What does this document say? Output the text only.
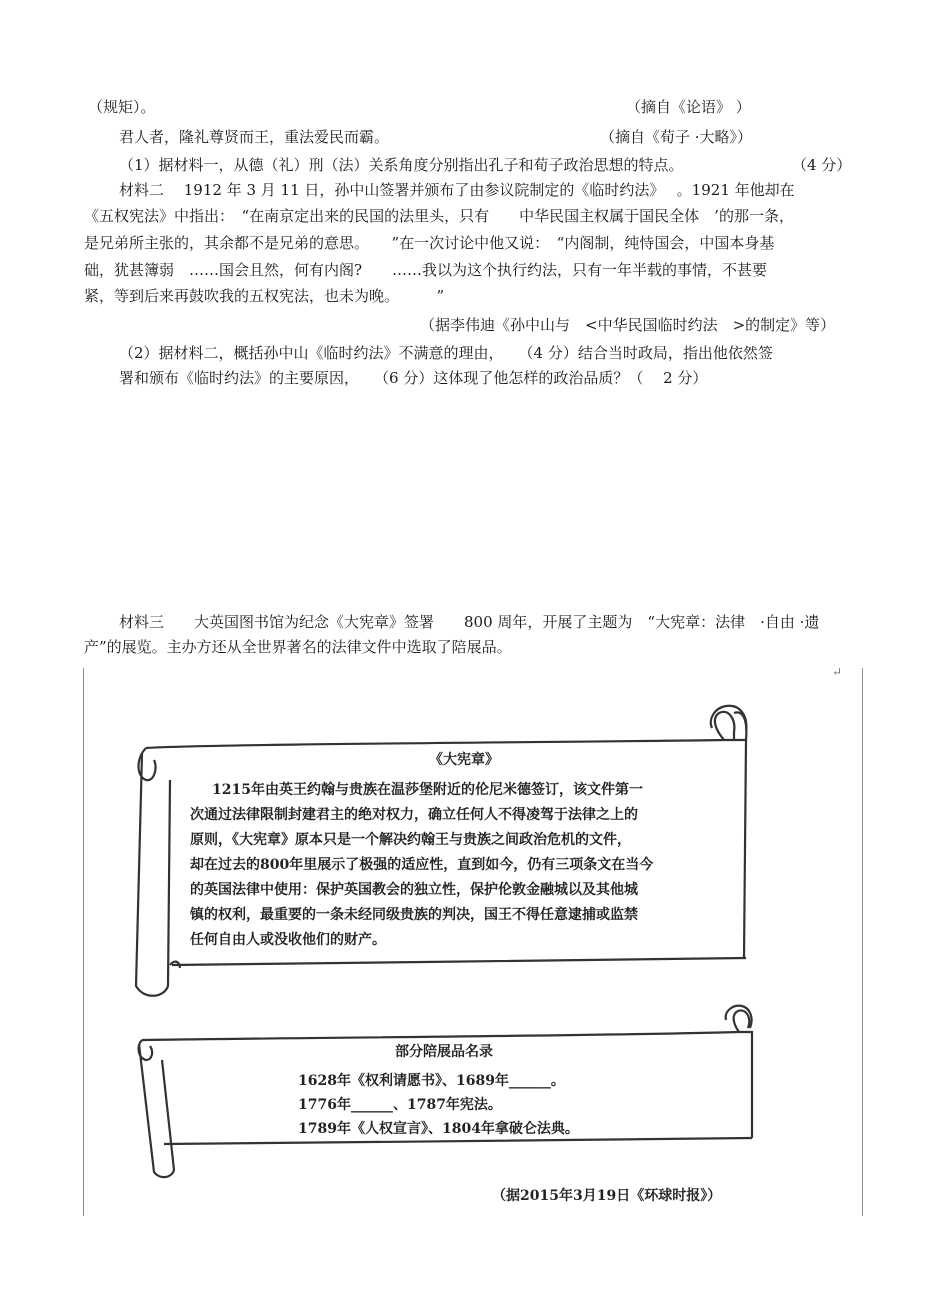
（规矩）。	（摘自《论语》 ）
君人者，隆礼尊贤而王，重法爱民而霸。	（摘自《荀子 ·大略》）
（1）据材料一，从德（礼）刑（法）关系角度分别指出孔子和荀子政治思想的特点。	（4 分）
材料二　 1912 年 3 月 11 日，孙中山签署并颁布了由参议院制定的《临时约法》　 。1921 年他却在
《五权宪法》中指出：　“在南京定出来的民国的法里头，只有　　中华民国主权属于国民全体　’的那一条，
是兄弟所主张的，其余都不是兄弟的意思。　　”在一次讨论中他又说：　“内阁制，纯恃国会，中国本身基
础，犹甚簿弱　……国会且然，何有内阁?　　……我以为这个执行约法，只有一年半载的事情，不甚要
紧，等到后来再鼓吹我的五权宪法，也未为晚。　　　”
（据李伟迪《孙中山与　<中华民国临时约法　>的制定》等）
（2）据材料二，概括孙中山《临时约法》不满意的理由，　　（4 分）结合当时政局，指出他依然签
署和颁布《临时约法》的主要原因，　　（6 分）这体现了他怎样的政治品质？（　 2 分）
材料三　　大英国图书馆为纪念《大宪章》签署　　800 周年，开展了主题为　“大宪章：法律　·自由 ·遗
产”的展览。主办方还从全世界著名的法律文件中选取了陪展品。
《大宪章》
1215年由英王约翰与贵族在温莎堡附近的伦尼米德签订，该文件第一
次通过法律限制封建君主的绝对权力，确立任何人不得凌驾于法律之上的
原则，《大宪章》原本只是一个解决约翰王与贵族之间政治危机的文件，
却在过去的800年里展示了极强的适应性，直到如今，仍有三项条文在当今
的英国法律中使用：保护英国教会的独立性，保护伦敦金融城以及其他城
镇的权利，最重要的一条未经同级贵族的判决，国王不得任意逮捕或监禁
任何自由人或没收他们的财产。
部分陪展品名录
1628年《权利请愿书》、1689年______。
1776年______、1787年宪法。
1789年《人权宣言》、1804年拿破仑法典。
（据2015年3月19日《环球时报》）
↵
